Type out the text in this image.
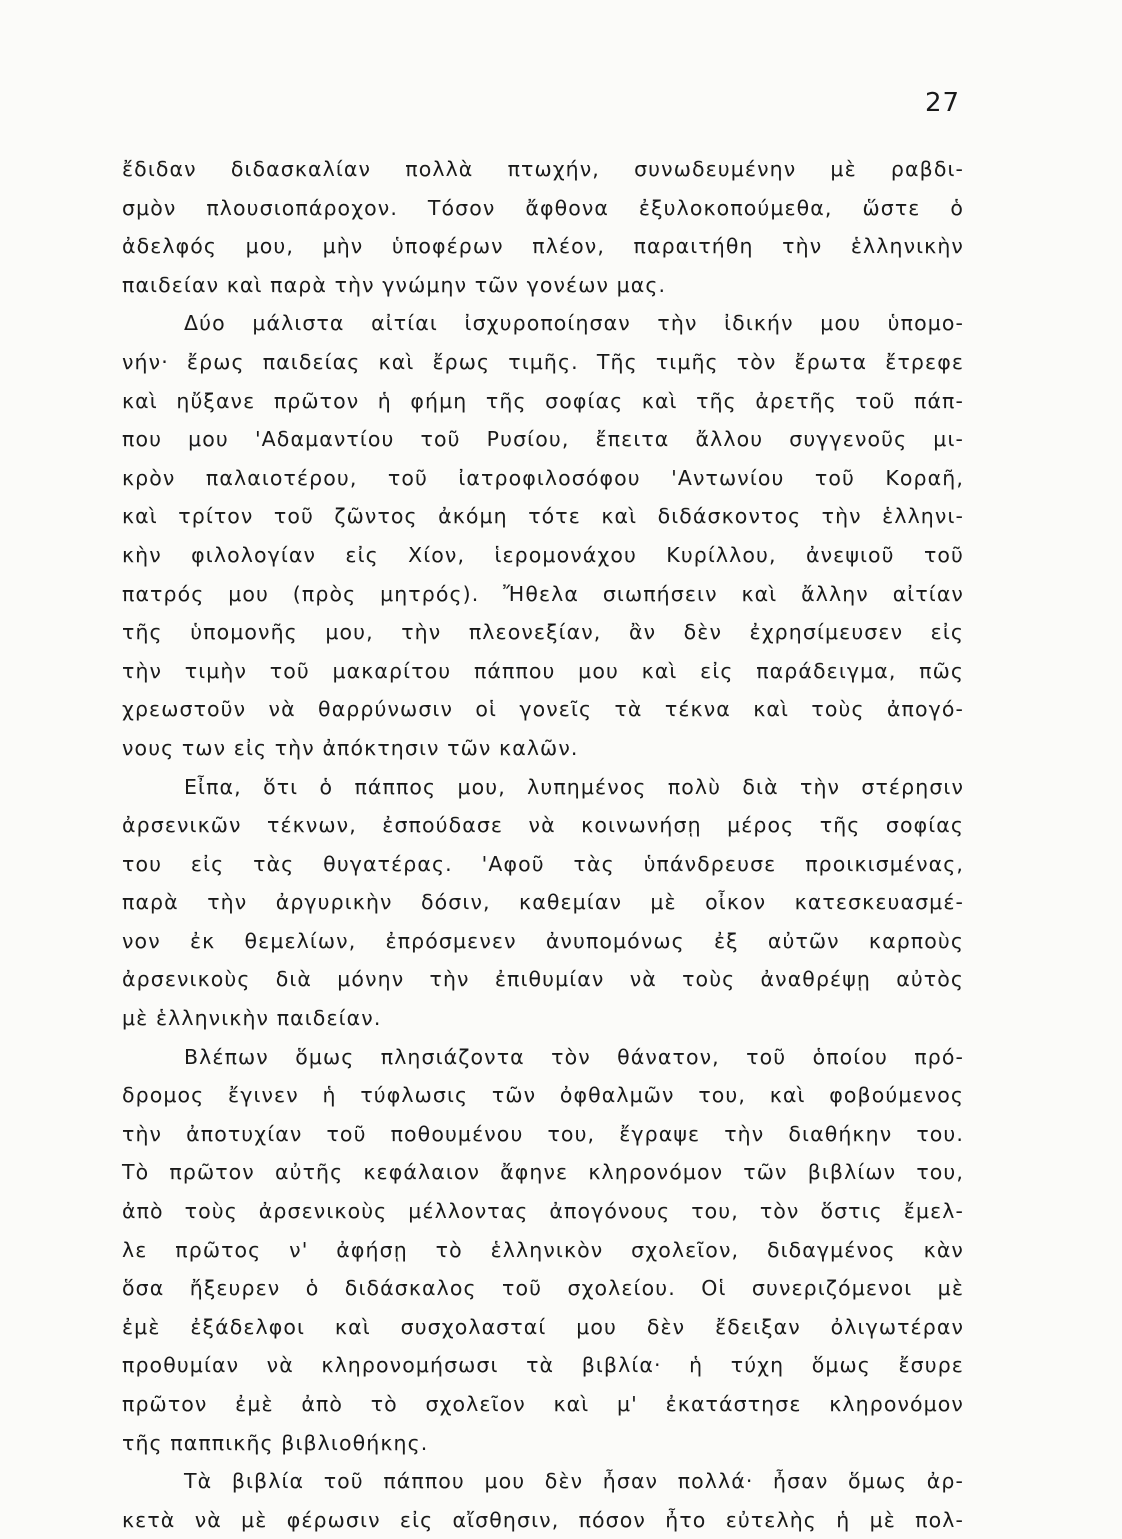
27
ἔδιδαν διδασκαλίαν πολλὰ πτωχήν, συνωδευμένην μὲ ραβδι-
σμὸν πλουσιοπάροχον. Τόσον ἄφθονα ἐξυλοκοπούμεθα, ὥστε ὁ
ἀδελφός μου, μὴν ὑποφέρων πλέον, παραιτήθη τὴν ἑλληνικὴν
παιδείαν καὶ παρὰ τὴν γνώμην τῶν γονέων μας.
Δύο μάλιστα αἰτίαι ἰσχυροποίησαν τὴν ἰδικήν μου ὑπομο-
νήν· ἔρως παιδείας καὶ ἔρως τιμῆς. Τῆς τιμῆς τὸν ἔρωτα ἔτρεφε
καὶ ηὔξανε πρῶτον ἡ φήμη τῆς σοφίας καὶ τῆς ἀρετῆς τοῦ πάπ-
που μου 'Αδαμαντίου τοῦ Ρυσίου, ἔπειτα ἄλλου συγγενοῦς μι-
κρὸν παλαιοτέρου, τοῦ ἰατροφιλοσόφου 'Αντωνίου τοῦ Κοραῆ,
καὶ τρίτον τοῦ ζῶντος ἀκόμη τότε καὶ διδάσκοντος τὴν ἑλληνι-
κὴν φιλολογίαν εἰς Χίον, ἱερομονάχου Κυρίλλου, ἀνεψιοῦ τοῦ
πατρός μου (πρὸς μητρός). Ἤθελα σιωπήσειν καὶ ἄλλην αἰτίαν
τῆς ὑπομονῆς μου, τὴν πλεονεξίαν, ἂν δὲν ἐχρησίμευσεν εἰς
τὴν τιμὴν τοῦ μακαρίτου πάππου μου καὶ εἰς παράδειγμα, πῶς
χρεωστοῦν νὰ θαρρύνωσιν οἱ γονεῖς τὰ τέκνα καὶ τοὺς ἀπογό-
νους των εἰς τὴν ἀπόκτησιν τῶν καλῶν.
Εἶπα, ὅτι ὁ πάππος μου, λυπημένος πολὺ διὰ τὴν στέρησιν
ἀρσενικῶν τέκνων, ἐσπούδασε νὰ κοινωνήσῃ μέρος τῆς σοφίας
του εἰς τὰς θυγατέρας. 'Αφοῦ τὰς ὑπάνδρευσε προικισμένας,
παρὰ τὴν ἀργυρικὴν δόσιν, καθεμίαν μὲ οἶκον κατεσκευασμέ-
νον ἐκ θεμελίων, ἐπρόσμενεν ἀνυπομόνως ἐξ αὐτῶν καρποὺς
ἀρσενικοὺς διὰ μόνην τὴν ἐπιθυμίαν νὰ τοὺς ἀναθρέψῃ αὐτὸς
μὲ ἑλληνικὴν παιδείαν.
Βλέπων ὅμως πλησιάζοντα τὸν θάνατον, τοῦ ὁποίου πρό-
δρομος ἔγινεν ἡ τύφλωσις τῶν ὀφθαλμῶν του, καὶ φοβούμενος
τὴν ἀποτυχίαν τοῦ ποθουμένου του, ἔγραψε τὴν διαθήκην του.
Τὸ πρῶτον αὐτῆς κεφάλαιον ἄφηνε κληρονόμον τῶν βιβλίων του,
ἀπὸ τοὺς ἀρσενικοὺς μέλλοντας ἀπογόνους του, τὸν ὅστις ἔμελ-
λε πρῶτος ν' ἀφήσῃ τὸ ἑλληνικὸν σχολεῖον, διδαγμένος κὰν
ὅσα ἤξευρεν ὁ διδάσκαλος τοῦ σχολείου. Οἱ συνεριζόμενοι μὲ
ἐμὲ ἐξάδελφοι καὶ συσχολασταί μου δὲν ἔδειξαν ὀλιγωτέραν
προθυμίαν νὰ κληρονομήσωσι τὰ βιβλία· ἡ τύχη ὅμως ἔσυρε
πρῶτον ἐμὲ ἀπὸ τὸ σχολεῖον καὶ μ' ἐκατάστησε κληρονόμον
τῆς παππικῆς βιβλιοθήκης.
Τὰ βιβλία τοῦ πάππου μου δὲν ἦσαν πολλά· ἦσαν ὅμως ἀρ-
κετὰ νὰ μὲ φέρωσιν εἰς αἴσθησιν, πόσον ἦτο εὐτελὴς ἡ μὲ πολ-
